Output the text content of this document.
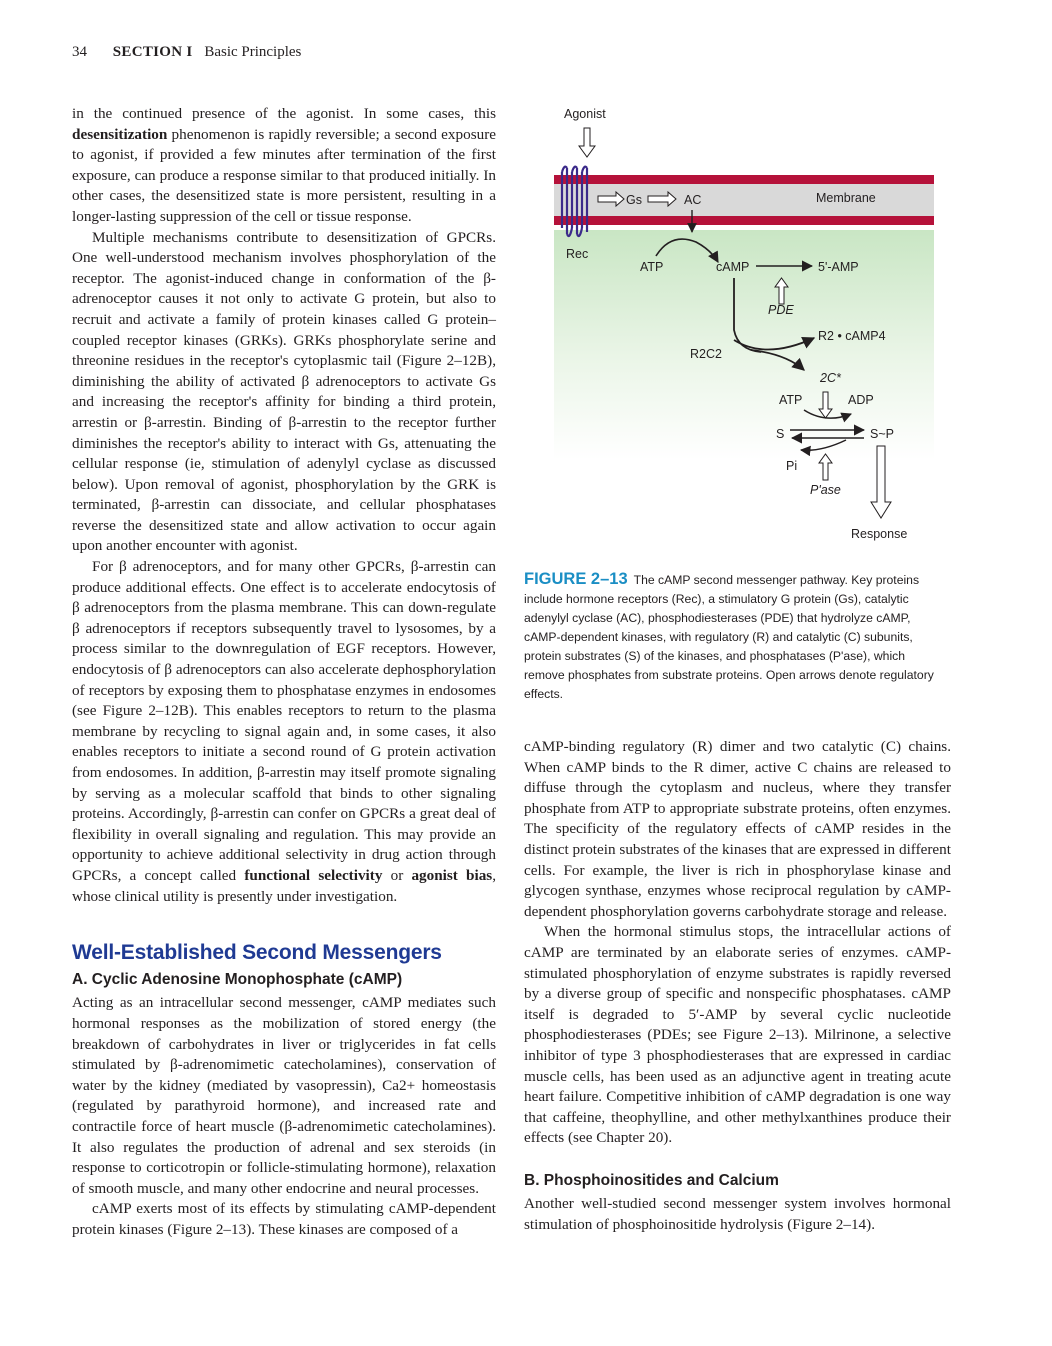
34 SECTION I Basic Principles

in the continued presence of the agonist. In some cases, this desensitization phenomenon is rapidly reversible; a second exposure to agonist, if provided a few minutes after termination of the first exposure, can produce a response similar to that produced initially. In other cases, the desensitized state is more persistent, resulting in a longer-lasting suppression of the cell or tissue response.

Multiple mechanisms contribute to desensitization of GPCRs. One well-understood mechanism involves phosphorylation of the receptor. The agonist-induced change in conformation of the β-adrenoceptor causes it not only to activate G protein, but also to recruit and activate a family of protein kinases called G protein–coupled receptor kinases (GRKs). GRKs phosphorylate serine and threonine residues in the receptor's cytoplasmic tail (Figure 2–12B), diminishing the ability of activated β adrenoceptors to activate Gs and increasing the receptor's affinity for binding a third protein, arrestin or β-arrestin. Binding of β-arrestin to the receptor further diminishes the receptor's ability to interact with Gs, attenuating the cellular response (ie, stimulation of adenylyl cyclase as discussed below). Upon removal of agonist, phosphorylation by the GRK is terminated, β-arrestin can dissociate, and cellular phosphatases reverse the desensitized state and allow activation to occur again upon another encounter with agonist.

For β adrenoceptors, and for many other GPCRs, β-arrestin can produce additional effects. One effect is to accelerate endocytosis of β adrenoceptors from the plasma membrane. This can down-regulate β adrenoceptors if receptors subsequently travel to lysosomes, by a process similar to the downregulation of EGF receptors. However, endocytosis of β adrenoceptors can also accelerate dephosphorylation of receptors by exposing them to phosphatase enzymes in endosomes (see Figure 2–12B). This enables receptors to return to the plasma membrane by recycling to signal again and, in some cases, it also enables receptors to initiate a second round of G protein activation from endosomes. In addition, β-arrestin may itself promote signaling by serving as a molecular scaffold that binds to other signaling proteins. Accordingly, β-arrestin can confer on GPCRs a great deal of flexibility in overall signaling and regulation. This may provide an opportunity to achieve additional selectivity in drug action through GPCRs, a concept called functional selectivity or agonist bias, whose clinical utility is presently under investigation.

Well-Established Second Messengers
A. Cyclic Adenosine Monophosphate (cAMP)

Acting as an intracellular second messenger, cAMP mediates such hormonal responses as the mobilization of stored energy (the breakdown of carbohydrates in liver or triglycerides in fat cells stimulated by β-adrenomimetic catecholamines), conservation of water by the kidney (mediated by vasopressin), Ca2+ homeostasis (regulated by parathyroid hormone), and increased rate and contractile force of heart muscle (β-adrenomimetic catecholamines). It also regulates the production of adrenal and sex steroids (in response to corticotropin or follicle-stimulating hormone), relaxation of smooth muscle, and many other endocrine and neural processes.

cAMP exerts most of its effects by stimulating cAMP-dependent protein kinases (Figure 2–13). These kinases are composed of a

Agonist
Gs	AC	Membrane
Rec
ATP	cAMP	5'-AMP
PDE
R2 • cAMP4
R2C2
2C*
ATP	ADP
S	S~P
Pi
P'ase
Response
FIGURE 2–13 The cAMP second messenger pathway. Key proteins include hormone receptors (Rec), a stimulatory G protein (Gs), catalytic adenylyl cyclase (AC), phosphodiesterases (PDE) that hydrolyze cAMP, cAMP-dependent kinases, with regulatory (R) and catalytic (C) subunits, protein substrates (S) of the kinases, and phosphatases (P'ase), which remove phosphates from substrate proteins. Open arrows denote regulatory effects.

cAMP-binding regulatory (R) dimer and two catalytic (C) chains. When cAMP binds to the R dimer, active C chains are released to diffuse through the cytoplasm and nucleus, where they transfer phosphate from ATP to appropriate substrate proteins, often enzymes. The specificity of the regulatory effects of cAMP resides in the distinct protein substrates of the kinases that are expressed in different cells. For example, the liver is rich in phosphorylase kinase and glycogen synthase, enzymes whose reciprocal regulation by cAMP-dependent phosphorylation governs carbohydrate storage and release.

When the hormonal stimulus stops, the intracellular actions of cAMP are terminated by an elaborate series of enzymes. cAMP-stimulated phosphorylation of enzyme substrates is rapidly reversed by a diverse group of specific and nonspecific phosphatases. cAMP itself is degraded to 5′-AMP by several cyclic nucleotide phosphodiesterases (PDEs; see Figure 2–13). Milrinone, a selective inhibitor of type 3 phosphodiesterases that are expressed in cardiac muscle cells, has been used as an adjunctive agent in treating acute heart failure. Competitive inhibition of cAMP degradation is one way that caffeine, theophylline, and other methylxanthines produce their effects (see Chapter 20).

B. Phosphoinositides and Calcium

Another well-studied second messenger system involves hormonal stimulation of phosphoinositide hydrolysis (Figure 2–14).
